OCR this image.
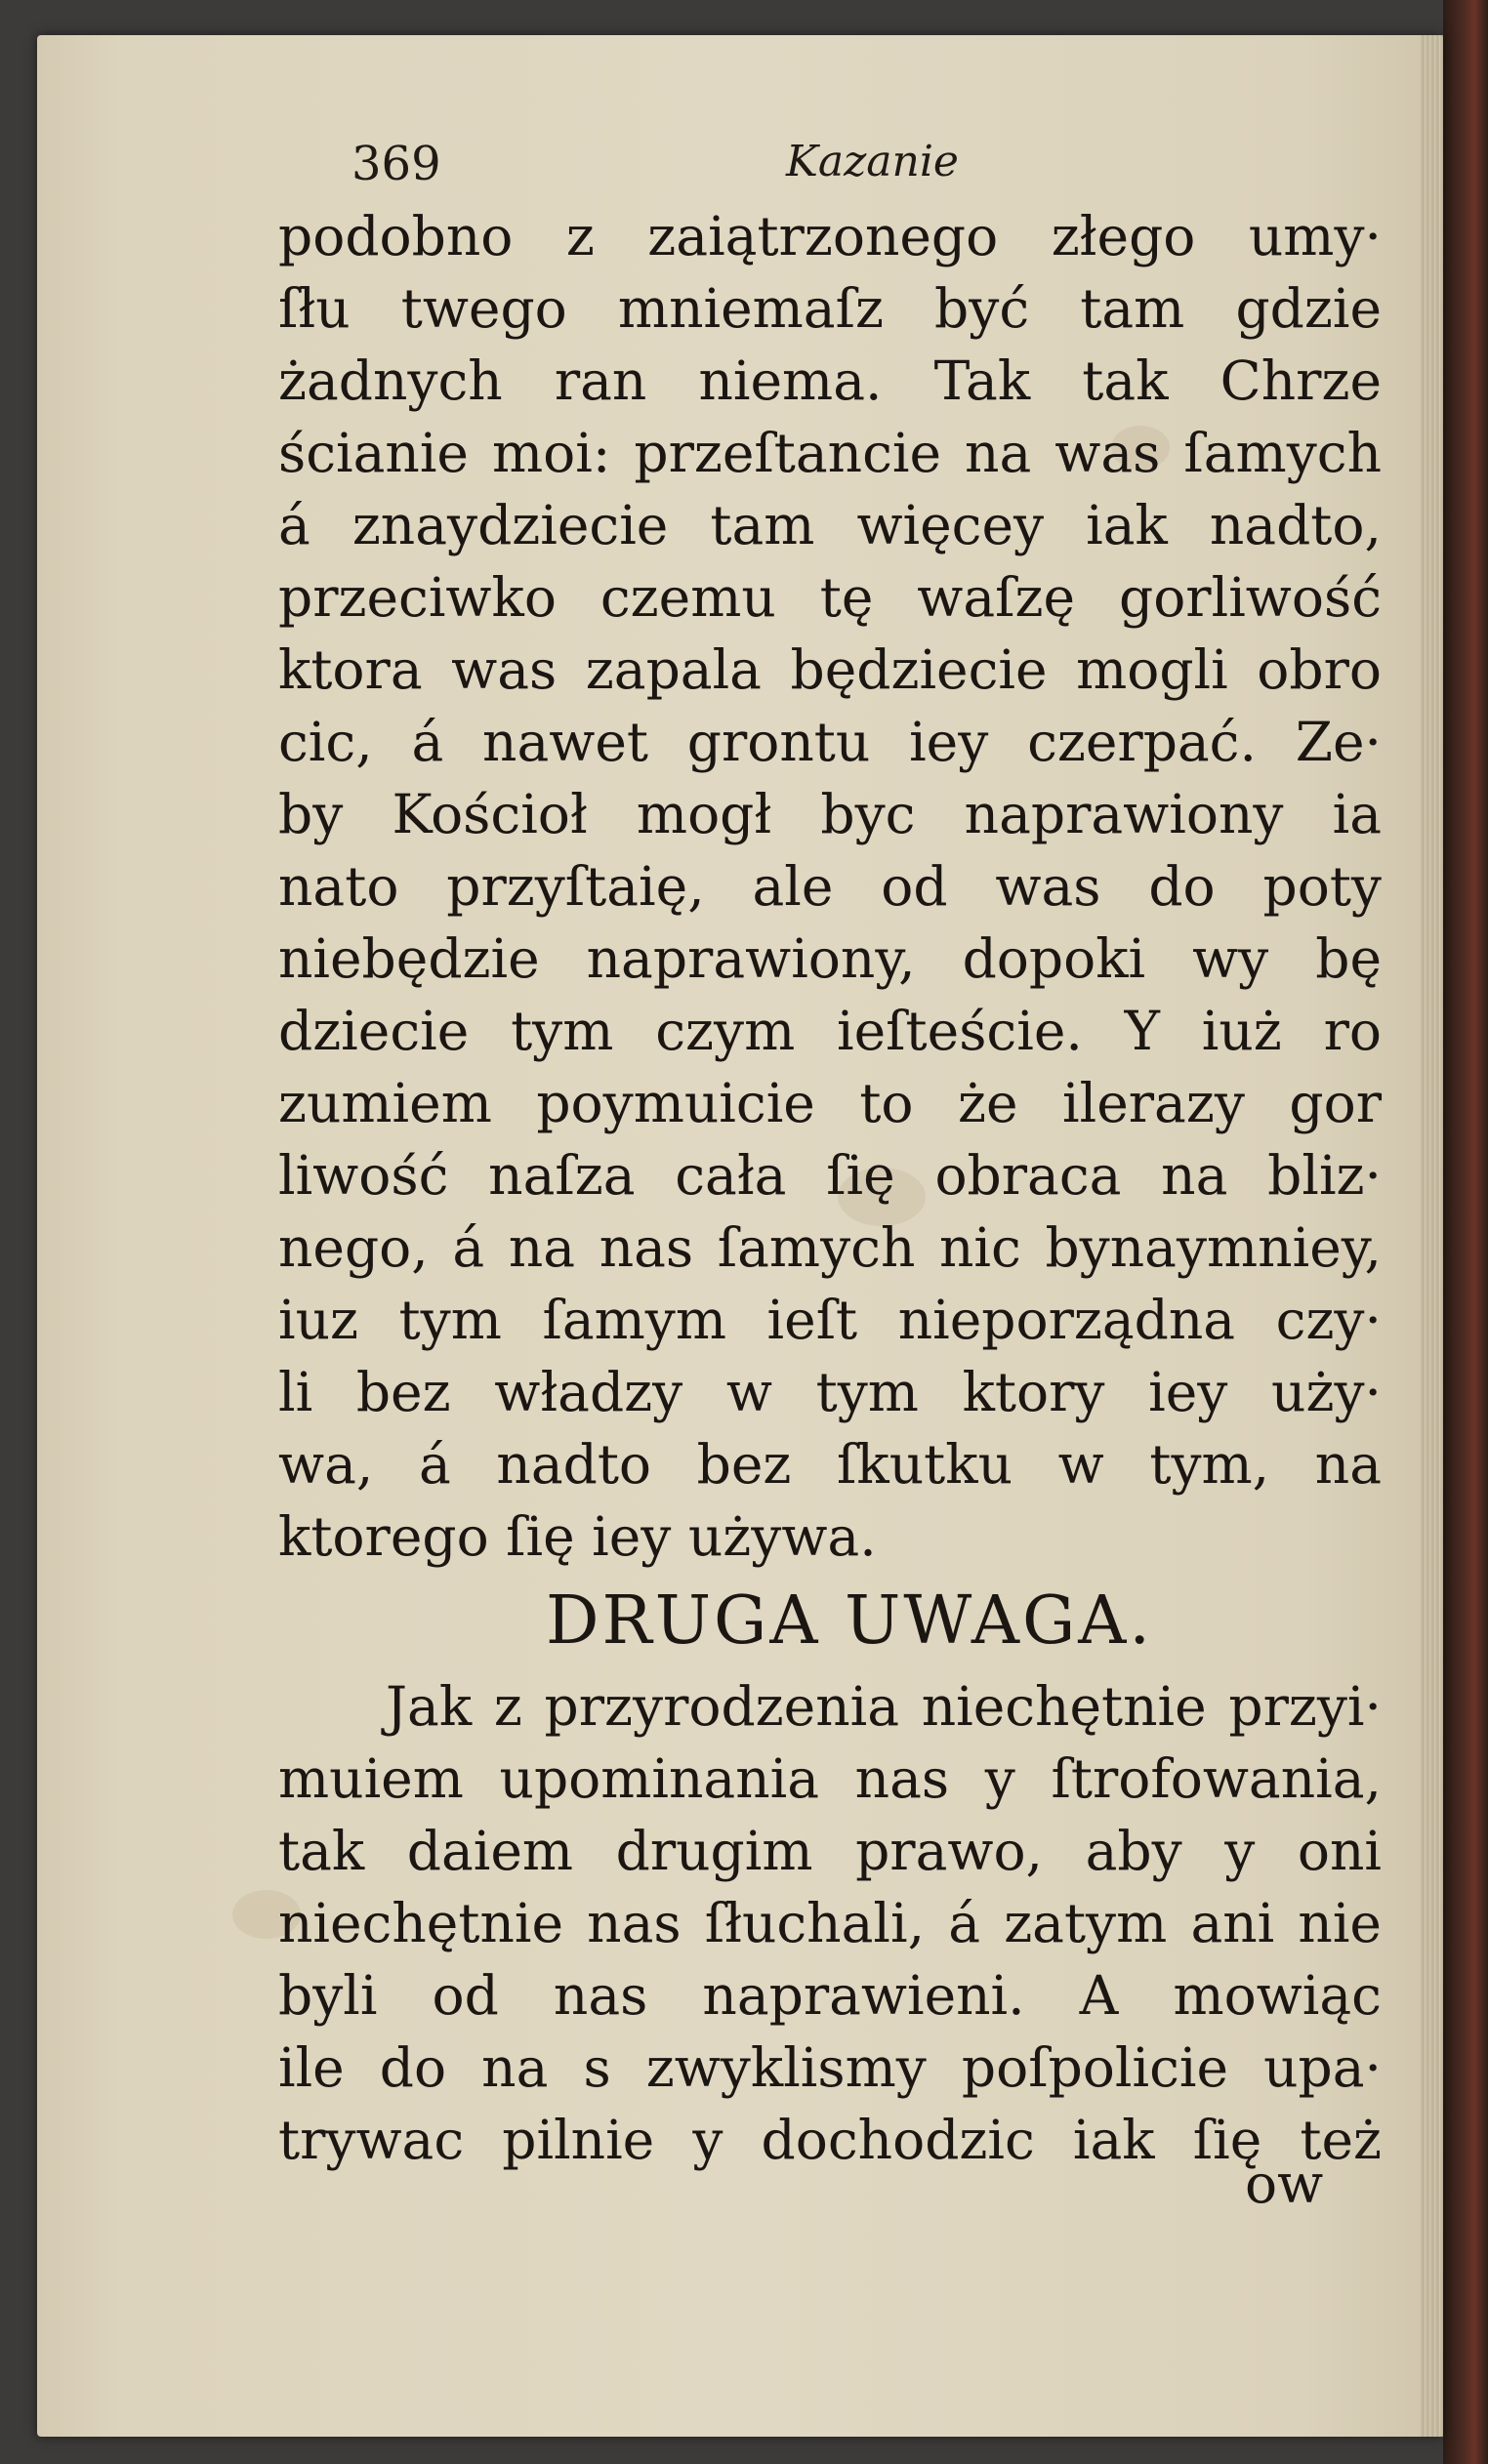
369	Kazanie
podobno z zaiątrzonego złego umy·
ſłu twego mniemaſz być tam gdzie
żadnych ran niema. Tak tak Chrze
ścianie moi: przeſtancie na was ſamych
á znaydziecie tam więcey iak nadto,
przeciwko czemu tę waſzę gorliwość
ktora was zapala będziecie mogli obro
cic, á nawet grontu iey czerpać. Ze·
by Kościoł mogł byc naprawiony ia
nato przyſtaię, ale od was do poty
niebędzie naprawiony, dopoki wy bę
dziecie tym czym ieſteście. Y iuż ro
zumiem poymuicie to że ilerazy gor
liwość naſza cała ſię obraca na bliz·
nego, á na nas ſamych nic bynaymniey,
iuz tym ſamym ieſt nieporządna czy·
li bez władzy w tym ktory iey uży·
wa, á nadto bez ſkutku w tym, na
ktorego ſię iey używa.
DRUGA UWAGA.
Jak z przyrodzenia niechętnie przyi·
muiem upominania nas y ſtrofowania,
tak daiem drugim prawo, aby y oni
niechętnie nas ſłuchali, á zatym ani nie
byli od nas naprawieni. A mowiąc
ile do na s zwyklismy poſpolicie upa·
trywac pilnie y dochodzic iak ſię też
ow
